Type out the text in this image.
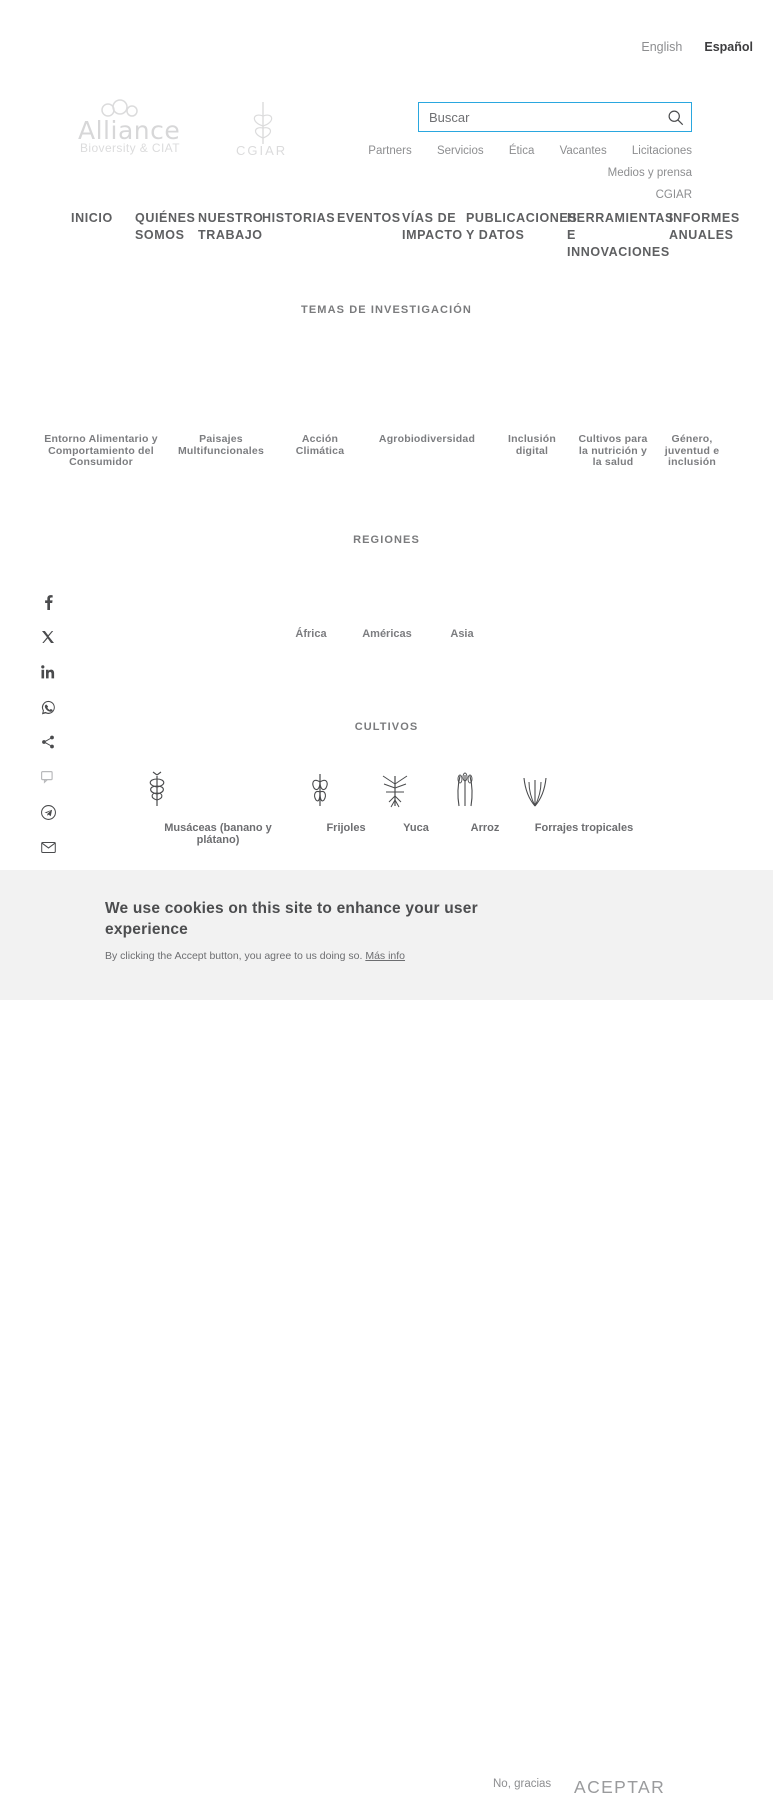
English Español
Alliance
Bioversity & CIAT	CGIAR
Buscar	Partners Servicios Ética Vacantes Licitaciones Medios y prensa
CGIAR
INICIO QUIÉNES
SOMOS
NUESTRO
TRABAJO
HISTORIAS EVENTOS VÍAS DE
IMPACTO
PUBLICACIONES
Y DATOS
HERRAMIENTAS
E
INNOVACIONES
INFORMES
ANUALES
TEMAS DE INVESTIGACIÓN
Entorno Alimentario y Comportamiento del Consumidor
Paisajes Multifuncionales
Acción Climática
Agrobiodiversidad	Inclusión digital
Cultivos para la nutrición y la salud
Género, juventud e inclusión
REGIONES
África	Américas	Asia
CULTIVOS
Musáceas (banano y plátano)
Frijoles	Yuca	Arroz	Forrajes tropicales
We use cookies on this site to enhance your user experience
By clicking the Accept button, you agree to us doing so. Más info
No, gracias	ACEPTAR
